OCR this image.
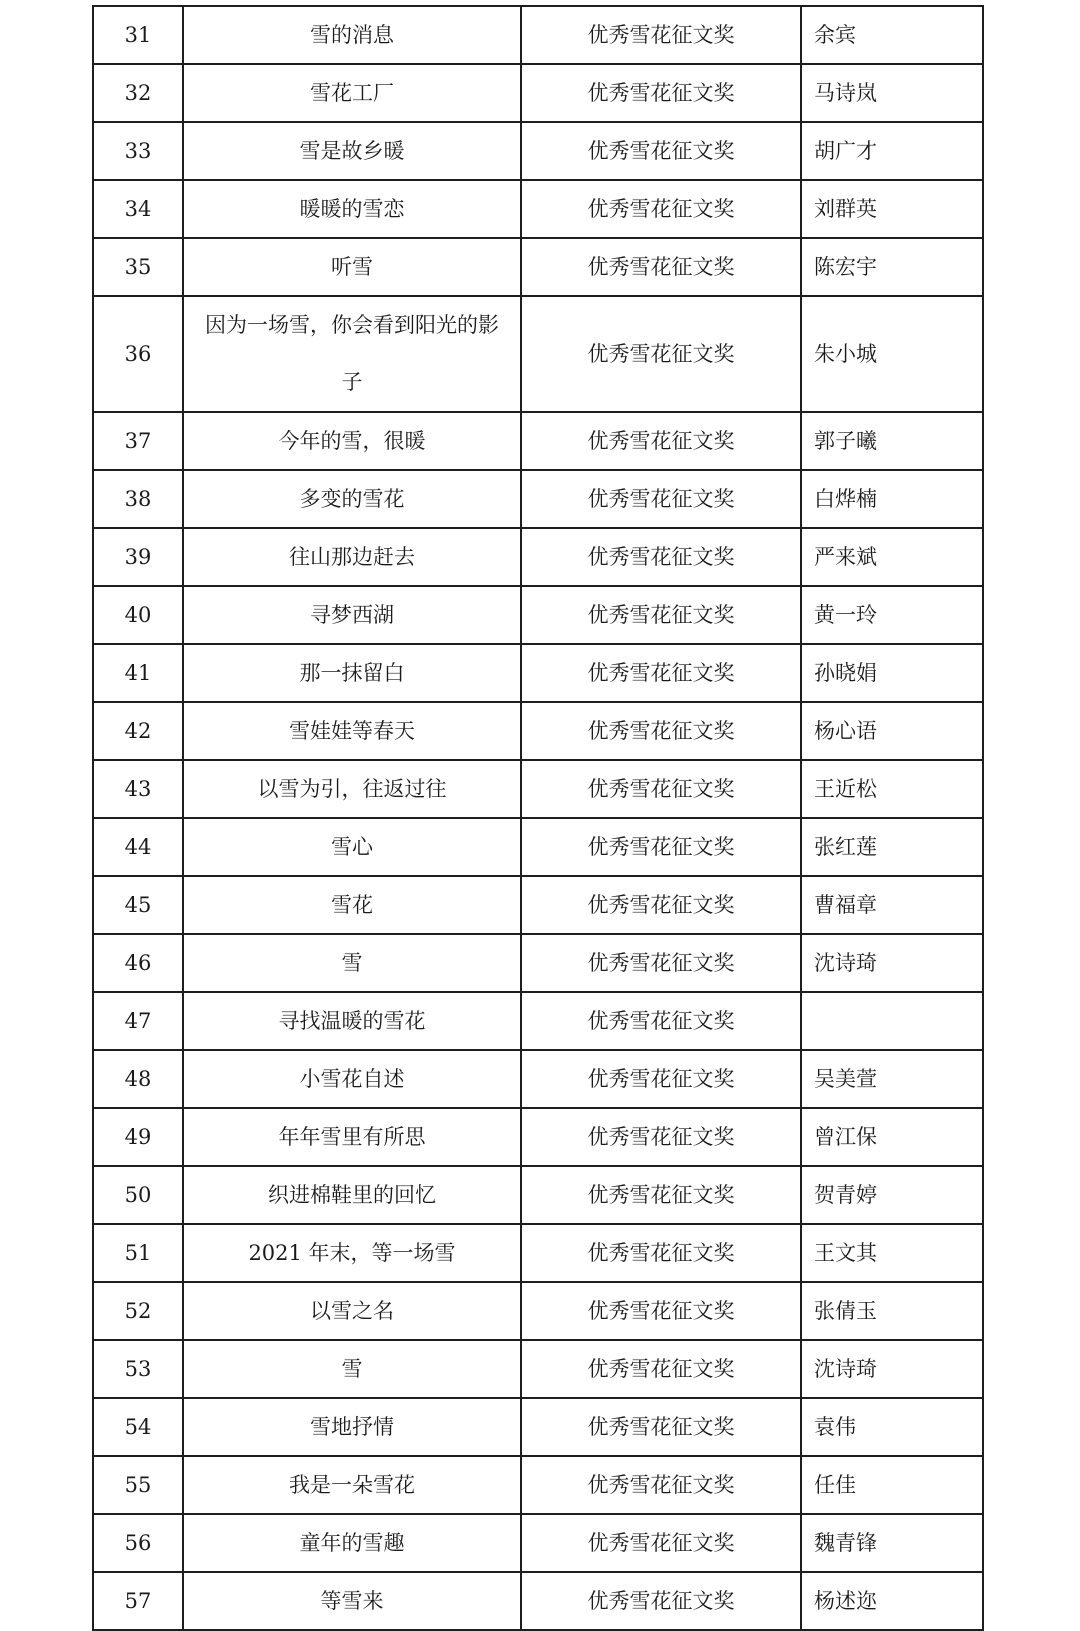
31	雪的消息	优秀雪花征文奖	余宾
32	雪花工厂	优秀雪花征文奖	马诗岚
33	雪是故乡暖	优秀雪花征文奖	胡广才
34	暖暖的雪恋	优秀雪花征文奖	刘群英
35	听雪	优秀雪花征文奖	陈宏宇
36	因为一场雪，你会看到阳光的影子	优秀雪花征文奖	朱小城
37	今年的雪，很暖	优秀雪花征文奖	郭子曦
38	多变的雪花	优秀雪花征文奖	白烨楠
39	往山那边赶去	优秀雪花征文奖	严来斌
40	寻梦西湖	优秀雪花征文奖	黄一玲
41	那一抹留白	优秀雪花征文奖	孙晓娟
42	雪娃娃等春天	优秀雪花征文奖	杨心语
43	以雪为引，往返过往	优秀雪花征文奖	王近松
44	雪心	优秀雪花征文奖	张红莲
45	雪花	优秀雪花征文奖	曹福章
46	雪	优秀雪花征文奖	沈诗琦
47	寻找温暖的雪花	优秀雪花征文奖	
48	小雪花自述	优秀雪花征文奖	吴美萱
49	年年雪里有所思	优秀雪花征文奖	曾江保
50	织进棉鞋里的回忆	优秀雪花征文奖	贺青婷
51	2021 年末，等一场雪	优秀雪花征文奖	王文其
52	以雪之名	优秀雪花征文奖	张倩玉
53	雪	优秀雪花征文奖	沈诗琦
54	雪地抒情	优秀雪花征文奖	袁伟
55	我是一朵雪花	优秀雪花征文奖	任佳
56	童年的雪趣	优秀雪花征文奖	魏青锋
57	等雪来	优秀雪花征文奖	杨述迩
